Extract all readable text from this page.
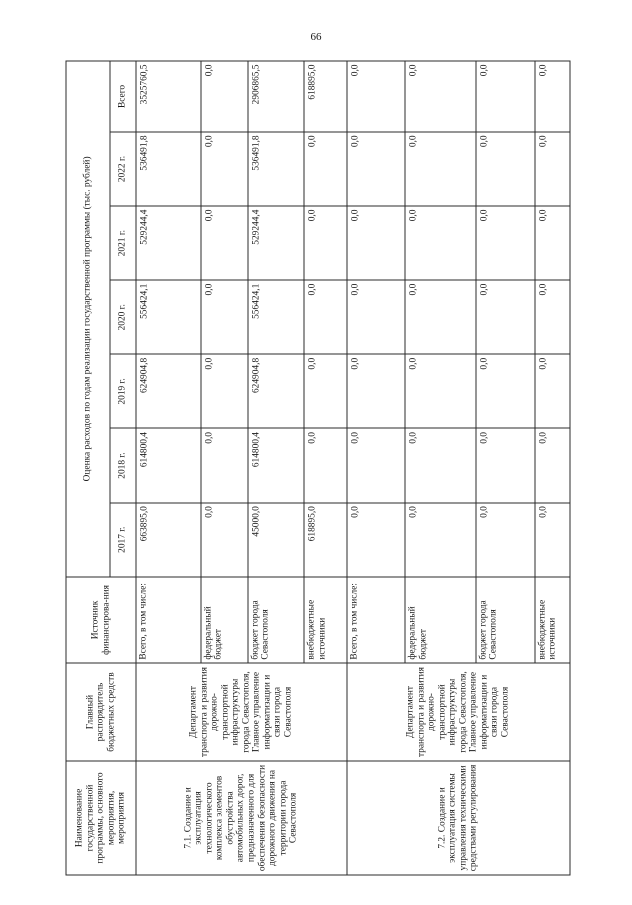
66
Наименование государственной программы, основного мероприятия, мероприятия	Главный распорядитель бюджетных средств	Источник финансирова-ния	Оценка расходов по годам реализации государственной программы (тыс. рублей)						
			2017 г.	2018 г.	2019 г.	2020 г.	2021 г.	2022 г.	Всего
7.1. Создание и эксплуатация технологического комплекса элементов обустройства автомобильных дорог, предназначенного для обеспечения безопасности дорожного движения на территории города Севастополя	Департамент транспорта и развития дорожно-транспортной инфраструктуры города Севастополя, Главное управление информатизации и связи города Севастополя	Всего, в том числе:	663895,0	614800,4	624904,8	556424,1	529244,4	536491,8	3525760,5
		федеральный бюджет	0,0	0,0	0,0	0,0	0,0	0,0	0,0
		бюджет города Севастополя	45000,0	614800,4	624904,8	556424,1	529244,4	536491,8	2906865,5
		внебюджетные источники	618895,0	0,0	0,0	0,0	0,0	0,0	618895,0
7.2. Создание и эксплуатация системы управления техническими средствами регулирования	Департамент транспорта и развития дорожно-транспортной инфраструктуры города Севастополя, Главное управление информатизации и связи города Севастополя	Всего, в том числе:	0,0	0,0	0,0	0,0	0,0	0,0	0,0
		федеральный бюджет	0,0	0,0	0,0	0,0	0,0	0,0	0,0
		бюджет города Севастополя	0,0	0,0	0,0	0,0	0,0	0,0	0,0
		внебюджетные источники	0,0	0,0	0,0	0,0	0,0	0,0	0,0
